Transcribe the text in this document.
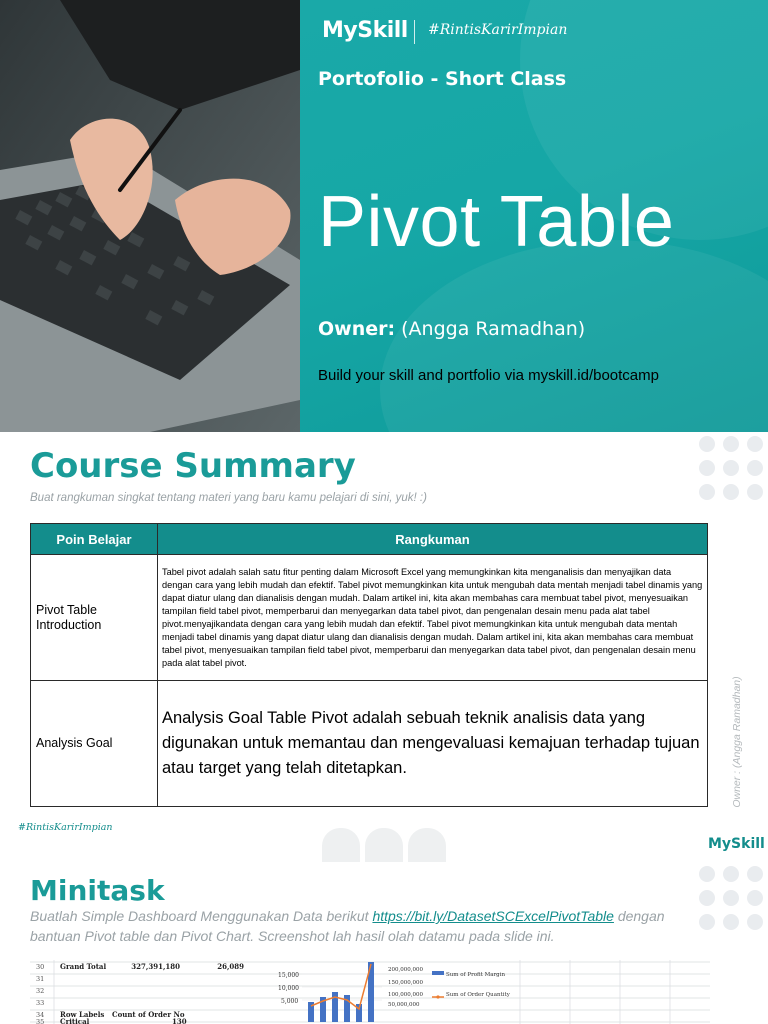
MySkill #RintisKarirImpian
Portofolio - Short Class
Pivot Table
Owner: (Angga Ramadhan)
Build your skill and portfolio via myskill.id/bootcamp
Course Summary
Buat rangkuman singkat tentang materi yang baru kamu pelajari di sini, yuk! :)
Poin Belajar	Rangkuman
Pivot Table Introduction	Tabel pivot adalah salah satu fitur penting dalam Microsoft Excel yang memungkinkan kita menganalisis dan menyajikan data dengan cara yang lebih mudah dan efektif. Tabel pivot memungkinkan kita untuk mengubah data mentah menjadi tabel dinamis yang dapat diatur ulang dan dianalisis dengan mudah. Dalam artikel ini, kita akan membahas cara membuat tabel pivot, menyesuaikan tampilan field tabel pivot, memperbarui dan menyegarkan data tabel pivot, dan pengenalan desain menu pada alat tabel pivot.menyajikandata dengan cara yang lebih mudah dan efektif. Tabel pivot memungkinkan kita untuk mengubah data mentah menjadi tabel dinamis yang dapat diatur ulang dan dianalisis dengan mudah. Dalam artikel ini, kita akan membahas cara membuat tabel pivot, menyesuaikan tampilan field tabel pivot, memperbarui dan menyegarkan data tabel pivot, dan pengenalan desain menu pada alat tabel pivot.
Analysis Goal	Analysis Goal Table Pivot adalah sebuah teknik analisis data yang digunakan untuk memantau dan mengevaluasi kemajuan terhadap tujuan atau target yang telah ditetapkan.	Owner : (Angga Ramadhan)
#RintisKarirImpian
MySkill
Minitask
Buatlah Simple Dashboard Menggunakan Data berikut https://bit.ly/DatasetSCExcelPivotTable dengan bantuan Pivot table dan Pivot Chart. Screenshot lah hasil olah datamu pada slide ini.
30
31
32
33
34
35
Grand Total	327,391,180	26,089
Row Labels Count of Order No
Critical	130
15,000
10,000
5,000
200,000,000
150,000,000
100,000,000
50,000,000
Sum of Profit Margin
Sum of Order Quantity
